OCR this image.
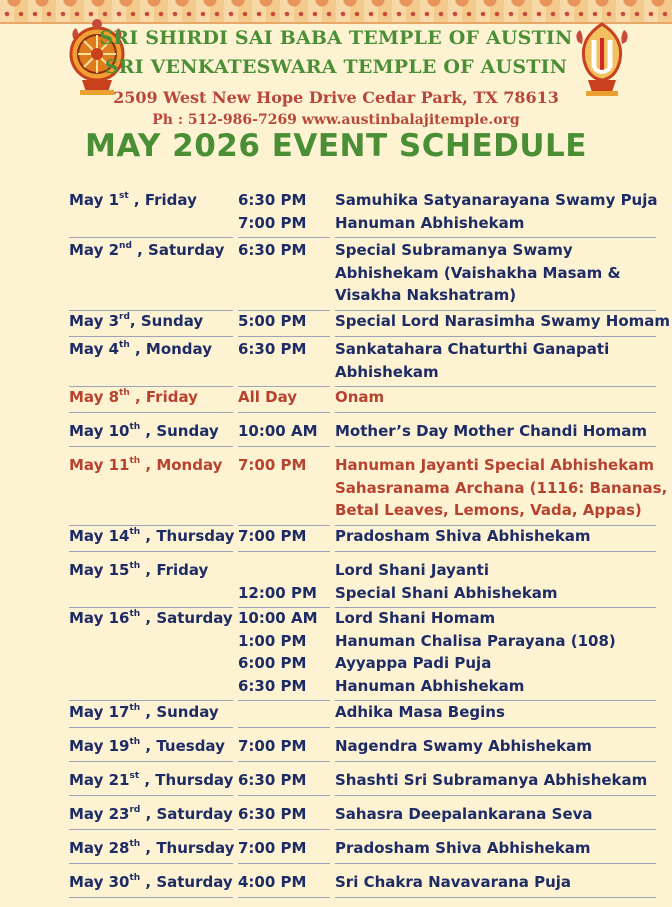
SRI SHIRDI SAI BABA TEMPLE OF AUSTIN
SRI VENKATESWARA TEMPLE OF AUSTIN
2509 West New Hope Drive Cedar Park, TX 78613
Ph : 512-986-7269 www.austinbalajitemple.org
MAY 2026 EVENT SCHEDULE
May 1st , Friday	6:30 PM Samuhika Satyanarayana Swamy Puja
7:00 PM Hanuman Abhishekam
May 2nd , Saturday 6:30 PM Special Subramanya Swamy
Abhishekam (Vaishakha Masam &
Visakha Nakshatram)
May 3rd, Sunday 5:00 PM Special Lord Narasimha Swamy Homam
May 4th , Monday 6:30 PM Sankatahara Chaturthi Ganapati
Abhishekam
May 8th , Friday	All Day	Onam
May 10th , Sunday 10:00 AM Mother’s Day Mother Chandi Homam
May 11th , Monday 7:00 PM Hanuman Jayanti Special Abhishekam
Sahasranama Archana (1116: Bananas,
Betal Leaves, Lemons, Vada, Appas)
May 14th , Thursday 7:00 PM Pradosham Shiva Abhishekam
May 15th , Friday	Lord Shani Jayanti
12:00 PM Special Shani Abhishekam
May 16th , Saturday 10:00 AM Lord Shani Homam
1:00 PM Hanuman Chalisa Parayana (108)
6:00 PM Ayyappa Padi Puja
6:30 PM Hanuman Abhishekam
May 17th , Sunday	Adhika Masa Begins
May 19th , Tuesday 7:00 PM Nagendra Swamy Abhishekam
May 21st , Thursday 6:30 PM Shashti Sri Subramanya Abhishekam
May 23rd , Saturday 6:30 PM Sahasra Deepalankarana Seva
May 28th , Thursday 7:00 PM Pradosham Shiva Abhishekam
May 30th , Saturday 4:00 PM Sri Chakra Navavarana Puja
